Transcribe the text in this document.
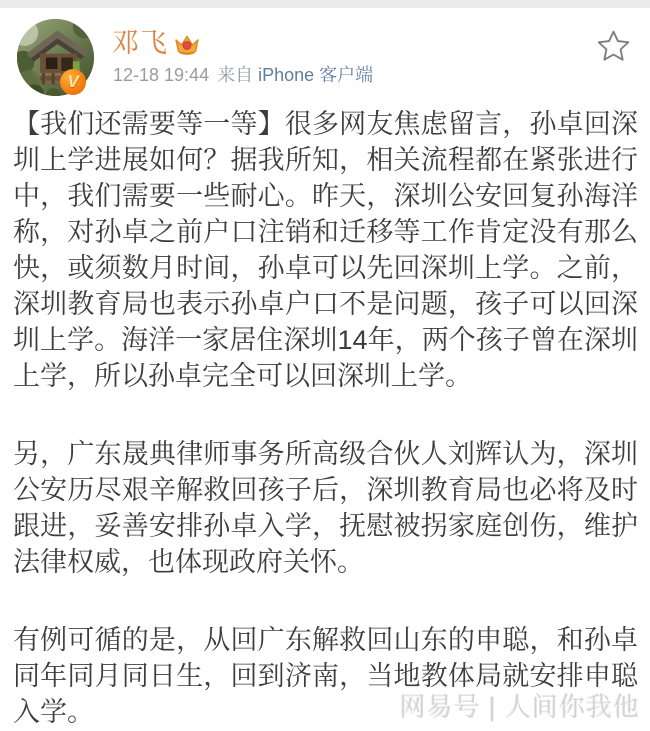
V
邓飞
12-18 19:44 来自 iPhone 客户端

【我们还需要等一等】很多网友焦虑留言，孙卓回深圳上学进展如何？据我所知，相关流程都在紧张进行中，我们需要一些耐心。昨天，深圳公安回复孙海洋称，对孙卓之前户口注销和迁移等工作肯定没有那么快，或须数月时间，孙卓可以先回深圳上学。之前，深圳教育局也表示孙卓户口不是问题，孩子可以回深圳上学。海洋一家居住深圳14年，两个孩子曾在深圳上学，所以孙卓完全可以回深圳上学。

另，广东晟典律师事务所高级合伙人刘辉认为，深圳公安历尽艰辛解救回孩子后，深圳教育局也必将及时跟进，妥善安排孙卓入学，抚慰被拐家庭创伤，维护法律权威，也体现政府关怀。

有例可循的是，从回广东解救回山东的申聪，和孙卓同年同月同日生，回到济南，当地教体局就安排申聪入学。	网易号 | 人间你我他
